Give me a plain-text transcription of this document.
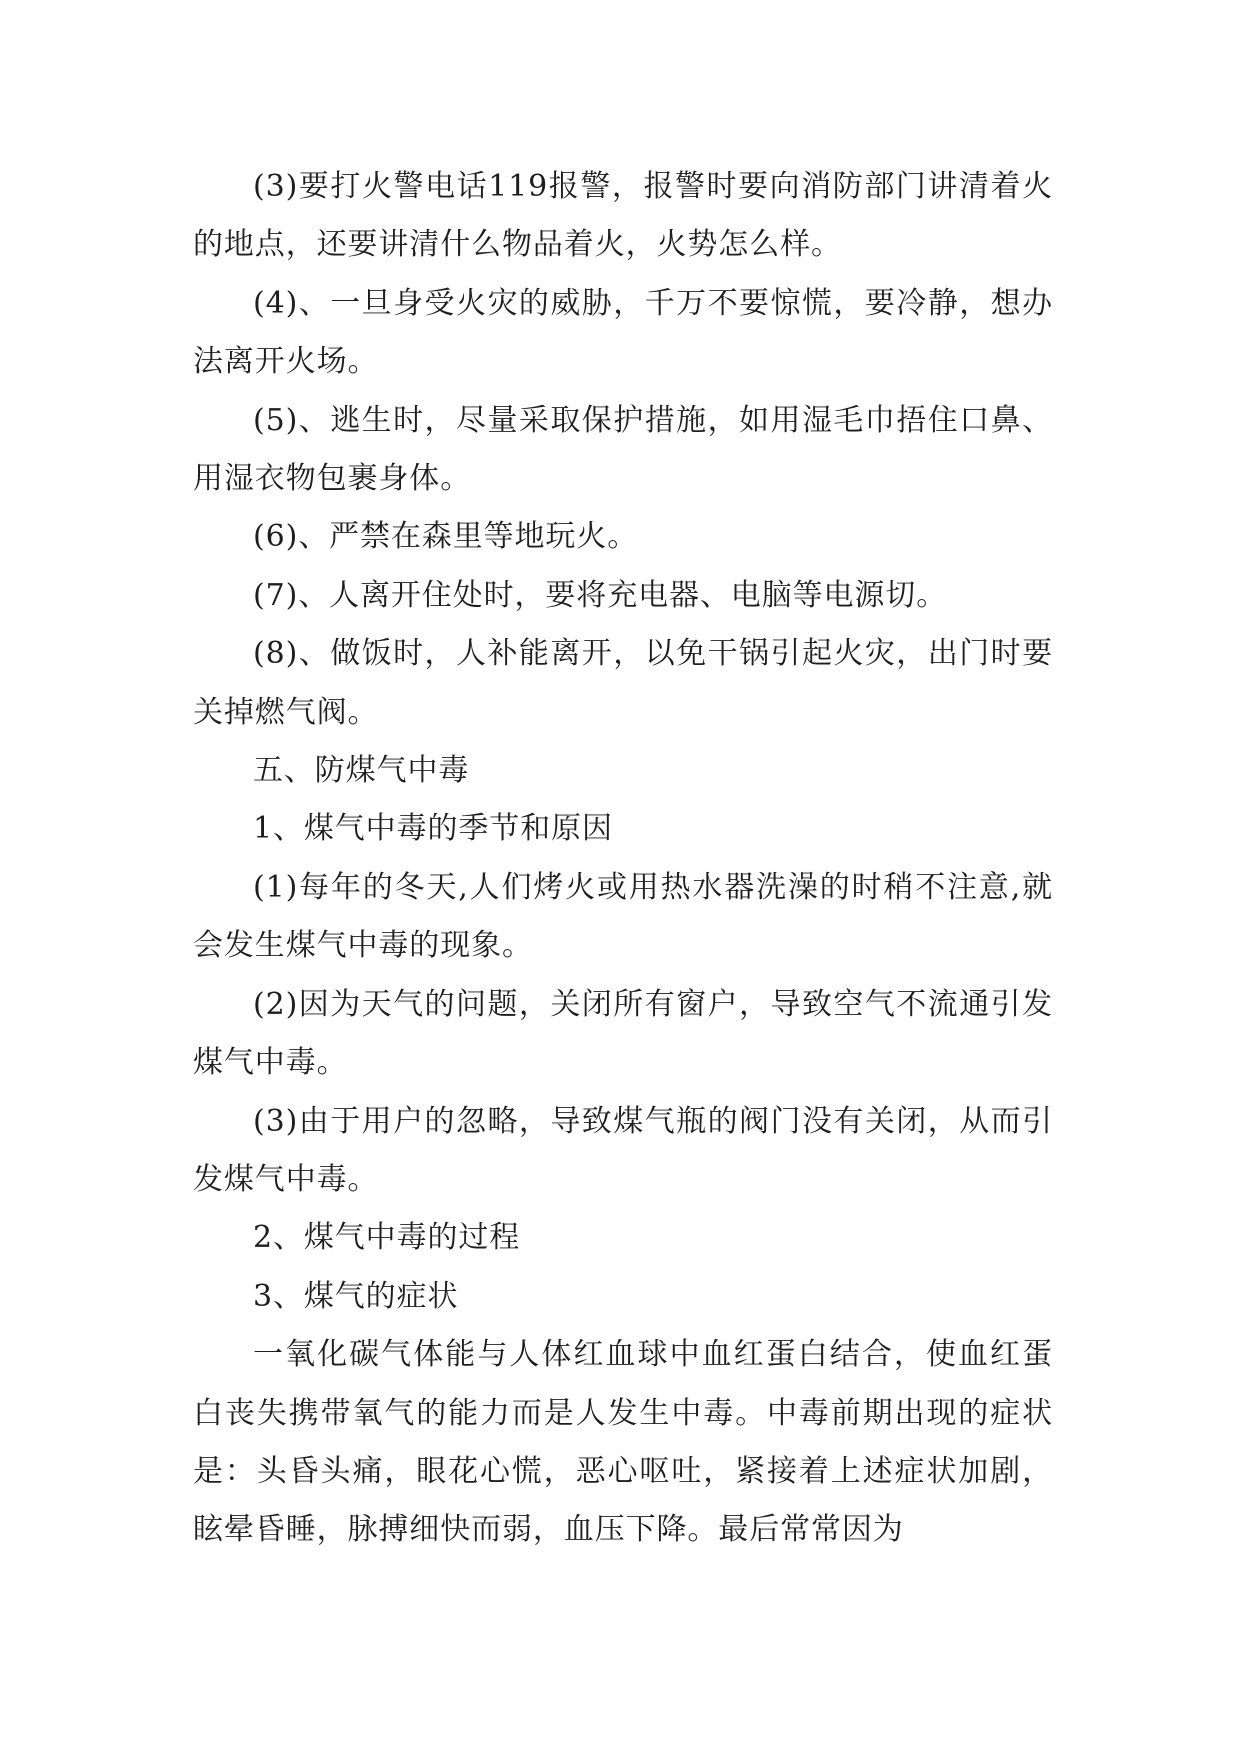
(3)要打火警电话119报警，报警时要向消防部门讲清着火的地点，还要讲清什么物品着火，火势怎么样。

(4)、一旦身受火灾的威胁，千万不要惊慌，要冷静，想办法离开火场。

(5)、逃生时，尽量采取保护措施，如用湿毛巾捂住口鼻、用湿衣物包裹身体。

(6)、严禁在森里等地玩火。

(7)、人离开住处时，要将充电器、电脑等电源切。

(8)、做饭时，人补能离开，以免干锅引起火灾，出门时要关掉燃气阀。

五、防煤气中毒

1、煤气中毒的季节和原因

(1)每年的冬天,人们烤火或用热水器洗澡的时稍不注意,就会发生煤气中毒的现象。

(2)因为天气的问题，关闭所有窗户，导致空气不流通引发煤气中毒。

(3)由于用户的忽略，导致煤气瓶的阀门没有关闭，从而引发煤气中毒。

2、煤气中毒的过程

3、煤气的症状

一氧化碳气体能与人体红血球中血红蛋白结合，使血红蛋白丧失携带氧气的能力而是人发生中毒。中毒前期出现的症状是：头昏头痛，眼花心慌，恶心呕吐，紧接着上述症状加剧，眩晕昏睡，脉搏细快而弱，血压下降。最后常常因为
